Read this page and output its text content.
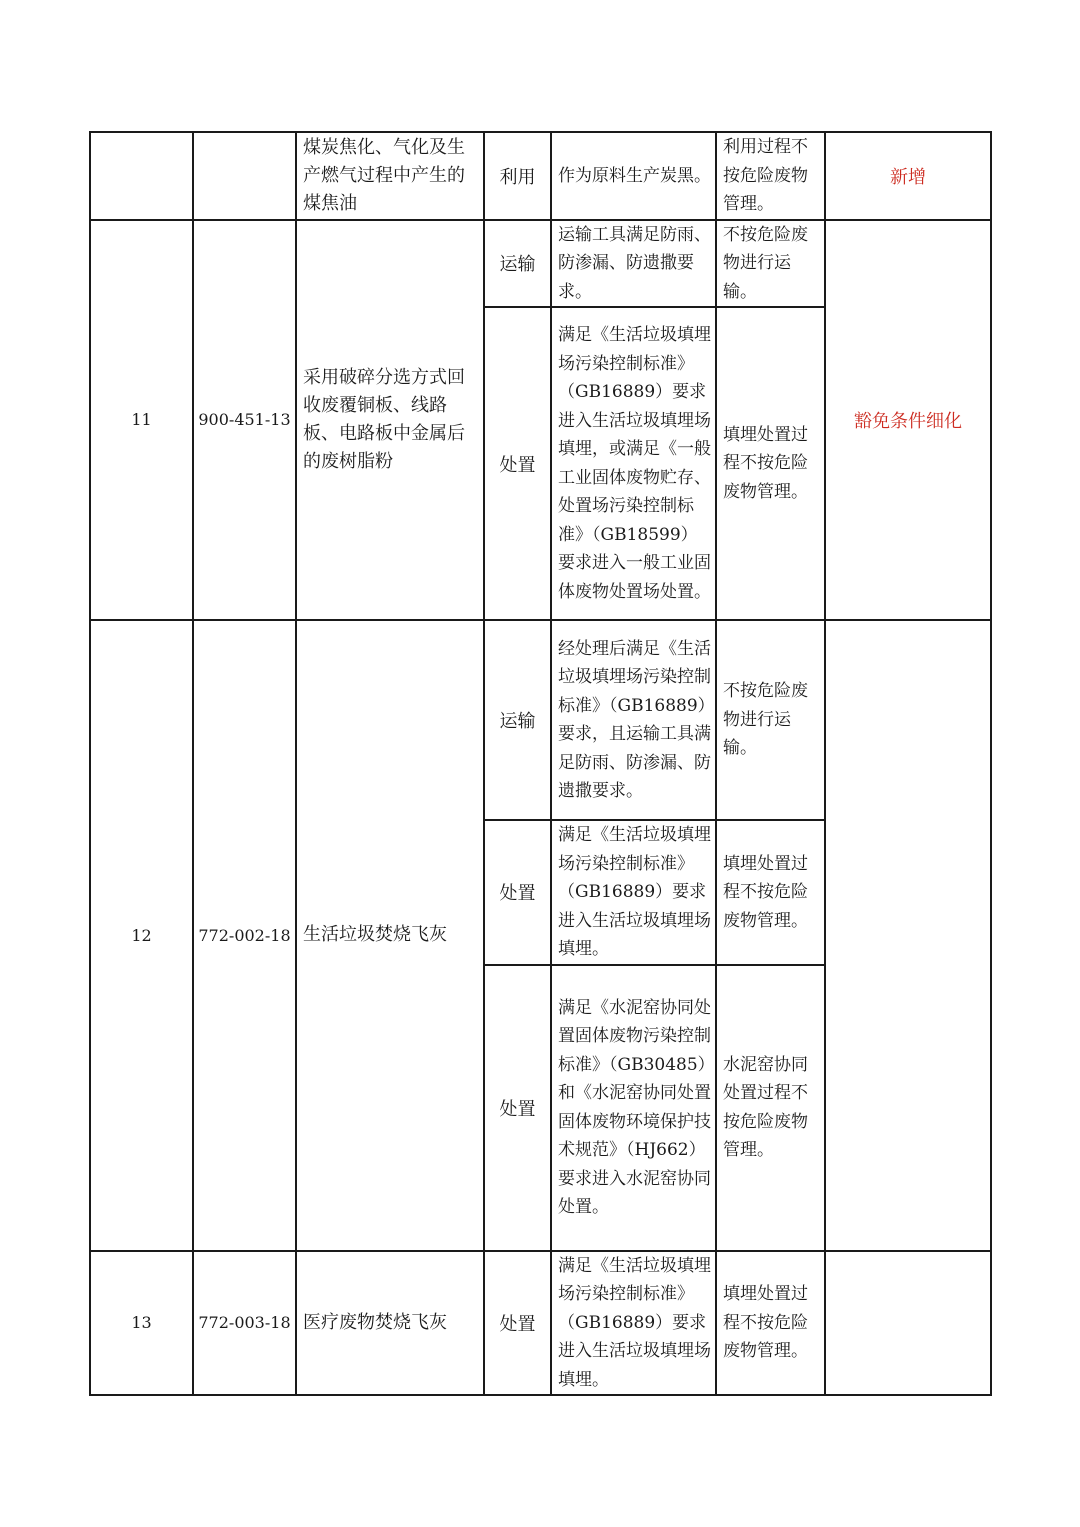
		煤炭焦化、气化及生产燃气过程中产生的煤焦油	利用	作为原料生产炭黑。	利用过程不按危险废物管理。	新增
11	900-451-13	采用破碎分选方式回收废覆铜板、线路板、电路板中金属后的废树脂粉	运输	运输工具满足防雨、防渗漏、防遗撒要求。	不按危险废物进行运输。	豁免条件细化
			处置	满足《生活垃圾填埋场污染控制标准》（GB16889）要求进入生活垃圾填埋场填埋，或满足《一般工业固体废物贮存、处置场污染控制标准》（GB18599）要求进入一般工业固体废物处置场处置。	填埋处置过程不按危险废物管理。	
12	772-002-18	生活垃圾焚烧飞灰	运输	经处理后满足《生活垃圾填埋场污染控制标准》（GB16889）要求，且运输工具满足防雨、防渗漏、防遗撒要求。	不按危险废物进行运输。	
			处置	满足《生活垃圾填埋场污染控制标准》（GB16889）要求进入生活垃圾填埋场填埋。	填埋处置过程不按危险废物管理。	
			处置	满足《水泥窑协同处置固体废物污染控制标准》（GB30485）和《水泥窑协同处置固体废物环境保护技术规范》（HJ662）要求进入水泥窑协同处置。	水泥窑协同处置过程不按危险废物管理。	
13	772-003-18	医疗废物焚烧飞灰	处置	满足《生活垃圾填埋场污染控制标准》（GB16889）要求进入生活垃圾填埋场填埋。	填埋处置过程不按危险废物管理。	
